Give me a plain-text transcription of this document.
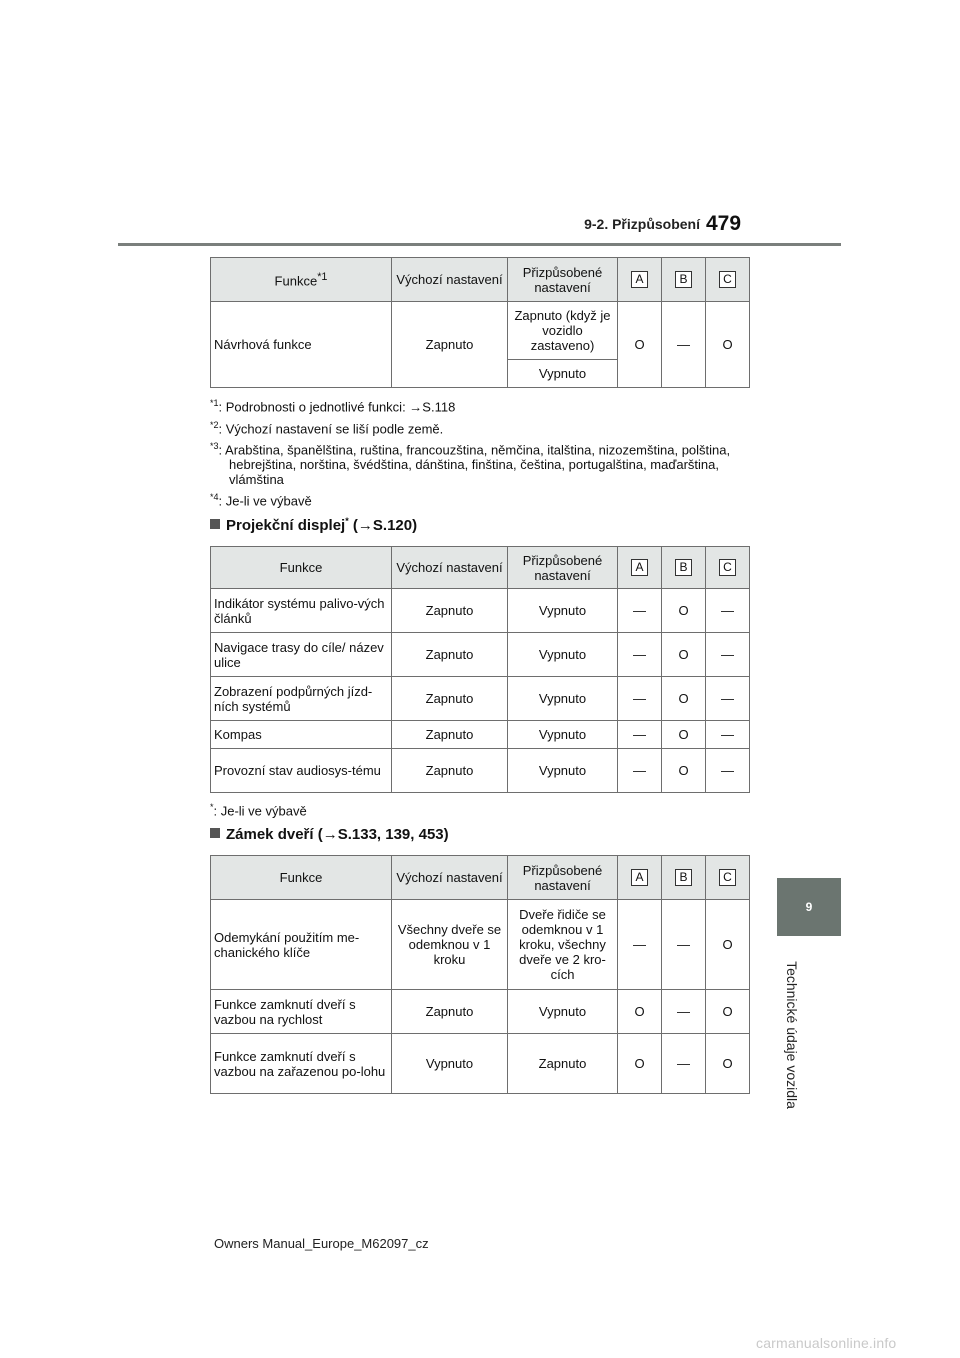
9-2. Přizpůsobení 479
9
Technické údaje vozidla
Funkce$^{*1}$	Výchozí nastavení	Přizpůsobené nastavení	A	B	C
Návrhová funkce	Zapnuto	Zapnuto (když je vozidlo zastaveno)	O	—	O
		Vypnuto			
$^{*1}$: Podrobnosti o jednotlivé funkci: →S.118
$^{*2}$: Výchozí nastavení se liší podle země.
$^{*3}$: Arabština, španělština, ruština, francouzština, němčina, italština, nizozemština, polština, hebrejština, norština, švédština, dánština, finština, čeština, portugalština, maďarština, vlámština
$^{*4}$: Je-li ve výbavě
Projekční displej* (→S.120)
Funkce	Výchozí nastavení	Přizpůsobené nastavení	A	B	C
Indikátor systému palivo-vých článků	Zapnuto	Vypnuto	—	O	—
Navigace trasy do cíle/ název ulice	Zapnuto	Vypnuto	—	O	—
Zobrazení podpůrných jízd-ních systémů	Zapnuto	Vypnuto	—	O	—
Kompas	Zapnuto	Vypnuto	—	O	—
Provozní stav audiosys-tému	Zapnuto	Vypnuto	—	O	—
*: Je-li ve výbavě
Zámek dveří (→S.133, 139, 453)
Funkce	Výchozí nastavení	Přizpůsobené nastavení	A	B	C
Odemykání použitím me-chanického klíče	Všechny dveře se odemknou v 1 kroku	Dveře řidiče se odemknou v 1 kroku, všechny dveře ve 2 kro-cích	—	—	O
Funkce zamknutí dveří s vazbou na rychlost	Zapnuto	Vypnuto	O	—	O
Funkce zamknutí dveří s vazbou na zařazenou po-lohu	Vypnuto	Zapnuto	O	—	O
Owners Manual_Europe_M62097_cz
carmanualsonline.info
